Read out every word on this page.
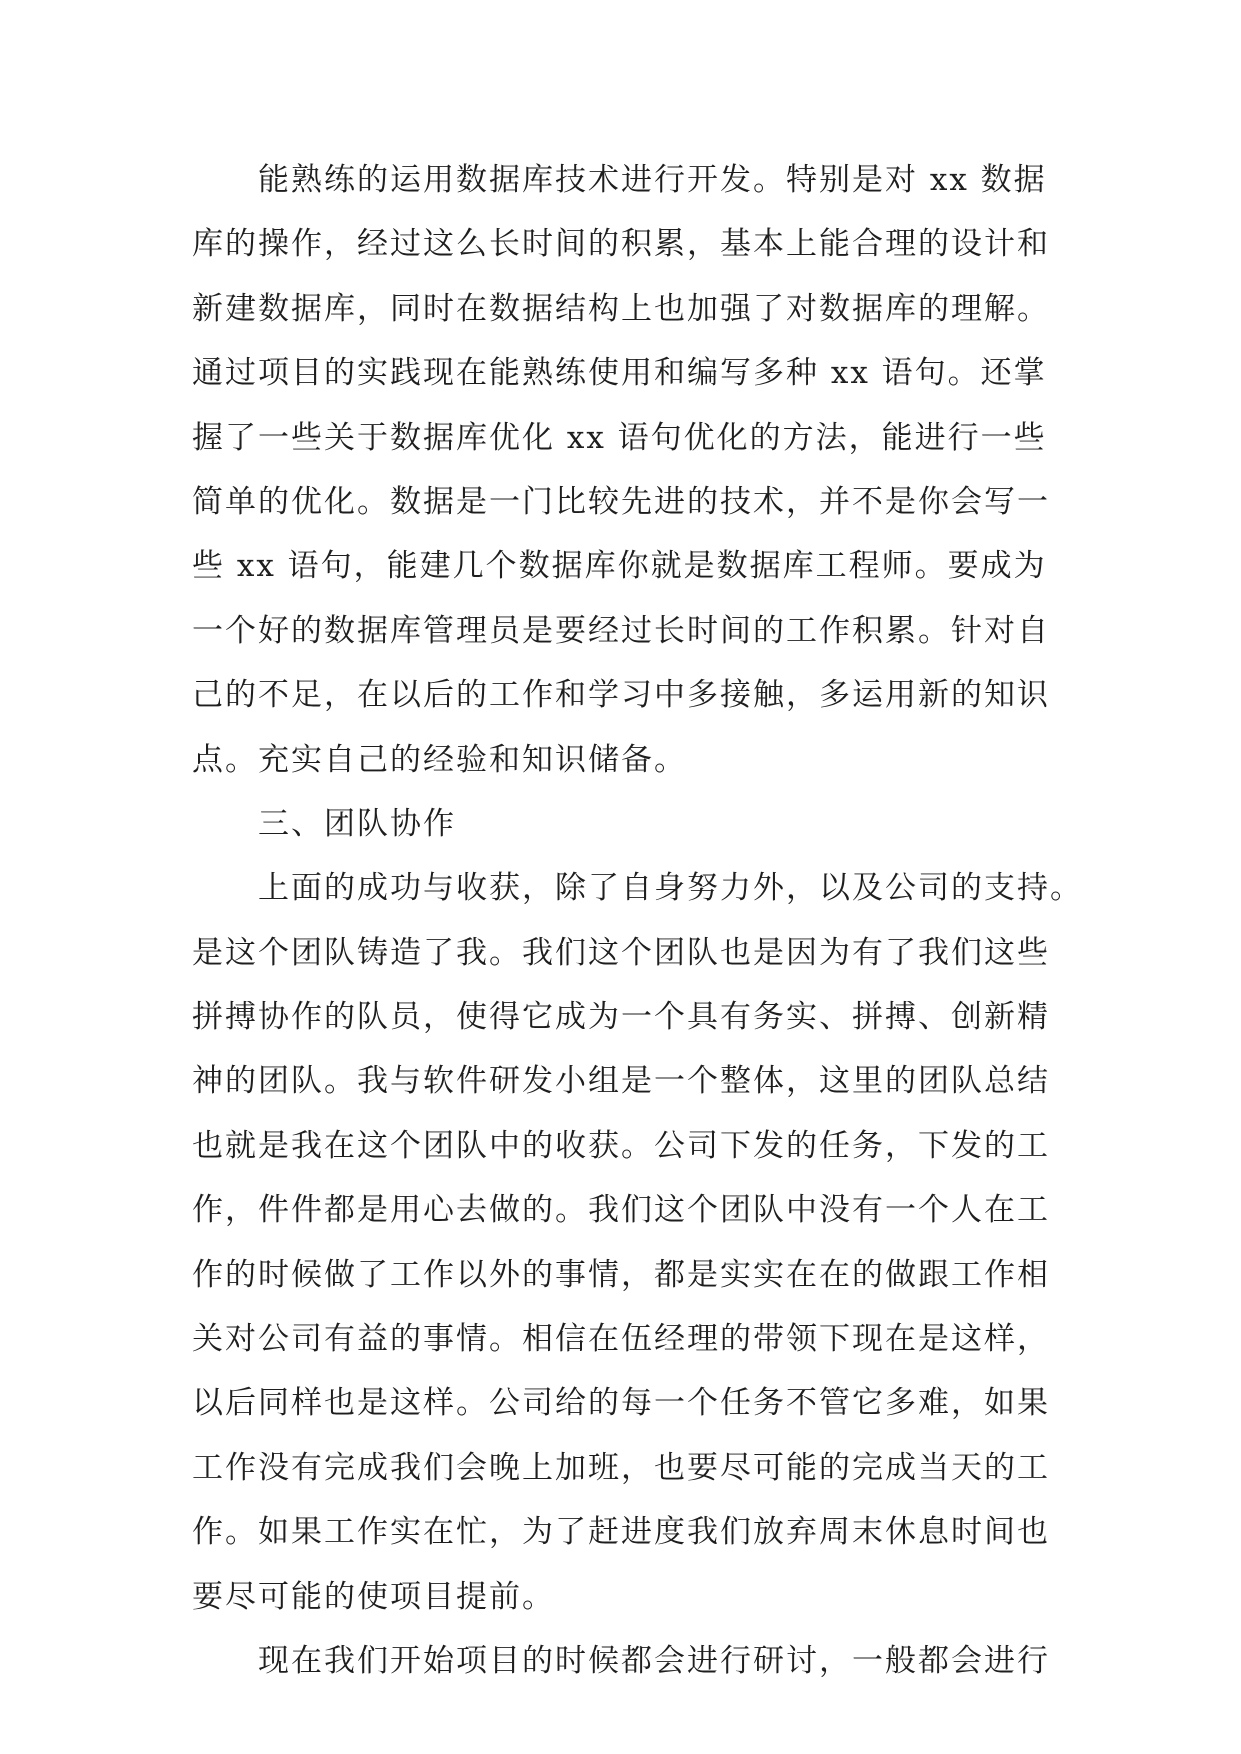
能熟练的运用数据库技术进行开发。特别是对 xx 数据
库的操作，经过这么长时间的积累，基本上能合理的设计和
新建数据库，同时在数据结构上也加强了对数据库的理解。
通过项目的实践现在能熟练使用和编写多种 xx 语句。还掌
握了一些关于数据库优化 xx 语句优化的方法，能进行一些
简单的优化。数据是一门比较先进的技术，并不是你会写一
些 xx 语句，能建几个数据库你就是数据库工程师。要成为
一个好的数据库管理员是要经过长时间的工作积累。针对自
己的不足，在以后的工作和学习中多接触，多运用新的知识
点。充实自己的经验和知识储备。
三、团队协作
上面的成功与收获，除了自身努力外，以及公司的支持。
是这个团队铸造了我。我们这个团队也是因为有了我们这些
拼搏协作的队员，使得它成为一个具有务实、拼搏、创新精
神的团队。我与软件研发小组是一个整体，这里的团队总结
也就是我在这个团队中的收获。公司下发的任务，下发的工
作，件件都是用心去做的。我们这个团队中没有一个人在工
作的时候做了工作以外的事情，都是实实在在的做跟工作相
关对公司有益的事情。相信在伍经理的带领下现在是这样，
以后同样也是这样。公司给的每一个任务不管它多难，如果
工作没有完成我们会晚上加班，也要尽可能的完成当天的工
作。如果工作实在忙，为了赶进度我们放弃周末休息时间也
要尽可能的使项目提前。
现在我们开始项目的时候都会进行研讨，一般都会进行
